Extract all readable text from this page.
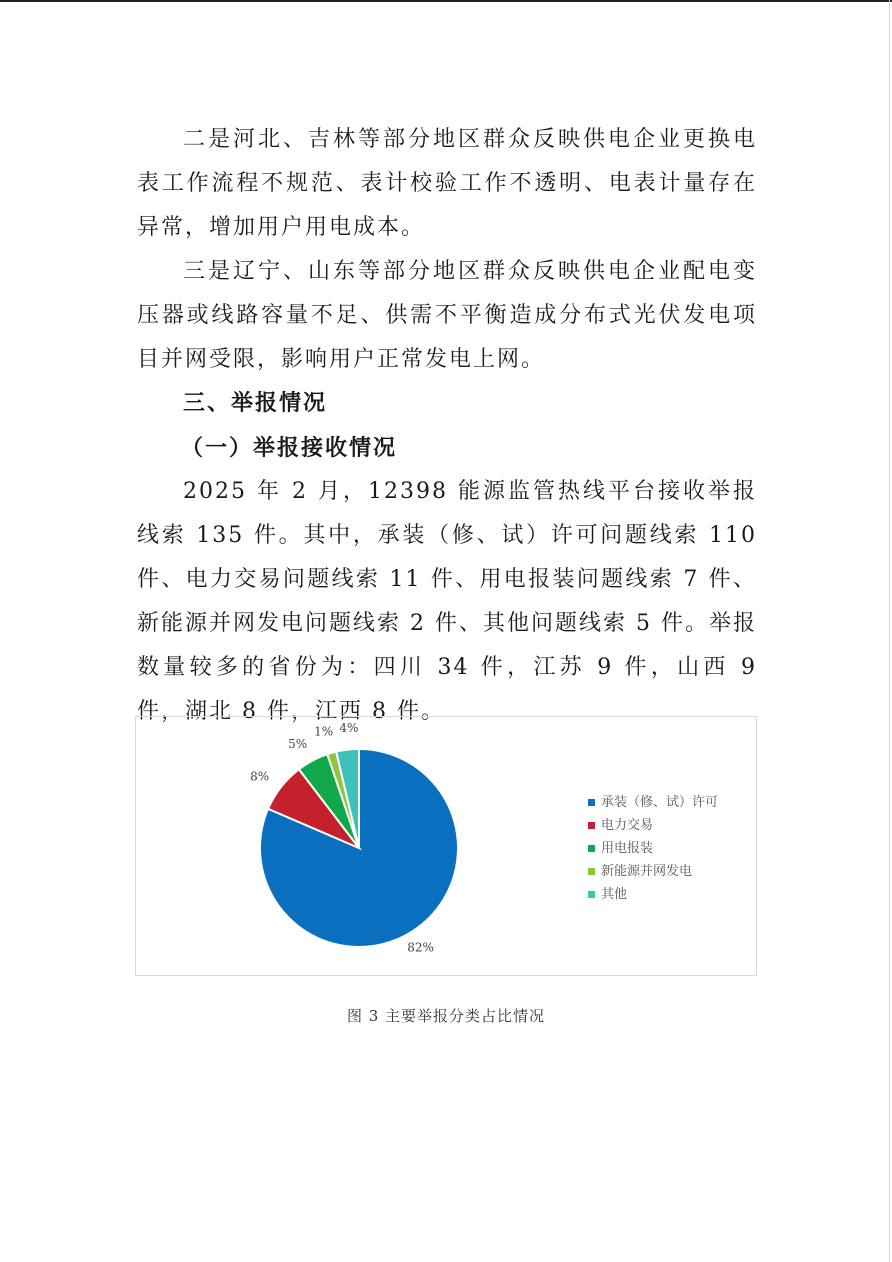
二是河北、吉林等部分地区群众反映供电企业更换电表工作流程不规范、表计校验工作不透明、电表计量存在异常，增加用户用电成本。

三是辽宁、山东等部分地区群众反映供电企业配电变压器或线路容量不足、供需不平衡造成分布式光伏发电项目并网受限，影响用户正常发电上网。

三、举报情况

（一）举报接收情况

2025 年 2 月，12398 能源监管热线平台接收举报线索 135 件。其中，承装（修、试）许可问题线索 110 件、电力交易问题线索 11 件、用电报装问题线索 7 件、新能源并网发电问题线索 2 件、其他问题线索 5 件。举报数量较多的省份为：四川 34 件，江苏 9 件，山西 9 件，湖北 8 件，江西 8 件。

82%
8%
5%
1% 4%
承装（修、试）许可
电力交易
用电报装
新能源并网发电
其他
图 3 主要举报分类占比情况
